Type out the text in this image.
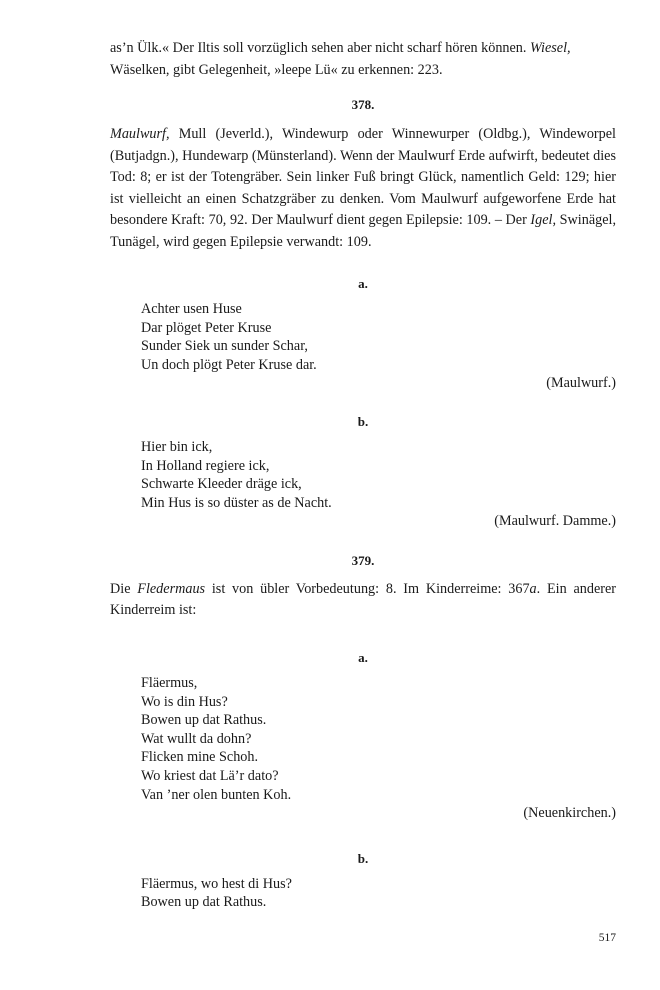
as’n Ülk.« Der Iltis soll vorzüglich sehen aber nicht scharf hören können. Wiesel,
Wäselken, gibt Gelegenheit, »leepe Lü« zu erkennen: 223.

378.

Maulwurf, Mull (Jeverld.), Windewurp oder Winnewurper (Oldbg.), Windeworpel (Butjadgn.), Hundewarp (Münsterland). Wenn der Maulwurf Erde aufwirft, bedeutet dies Tod: 8; er ist der Totengräber. Sein linker Fuß bringt Glück, namentlich Geld: 129; hier ist vielleicht an einen Schatzgräber zu denken. Vom Maulwurf aufgeworfene Erde hat besondere Kraft: 70, 92. Der Maulwurf dient gegen Epilepsie: 109. – Der Igel, Swinägel, Tunägel, wird gegen Epilepsie verwandt: 109.

a.

Achter usen Huse
Dar plöget Peter Kruse
Sunder Siek un sunder Schar,
Un doch plögt Peter Kruse dar.

(Maulwurf.)

b.

Hier bin ick,
In Holland regiere ick,
Schwarte Kleeder dräge ick,
Min Hus is so düster as de Nacht.

(Maulwurf. Damme.)

379.

Die Fledermaus ist von übler Vorbedeutung: 8. Im Kinderreime: 367a. Ein anderer Kinderreim ist:

a.

Fläermus,
Wo is din Hus?
Bowen up dat Rathus.
Wat wullt da dohn?
Flicken mine Schoh.
Wo kriest dat Lä’r dato?
Van ’ner olen bunten Koh.

(Neuenkirchen.)

b.

Fläermus, wo hest di Hus?
Bowen up dat Rathus.
517
